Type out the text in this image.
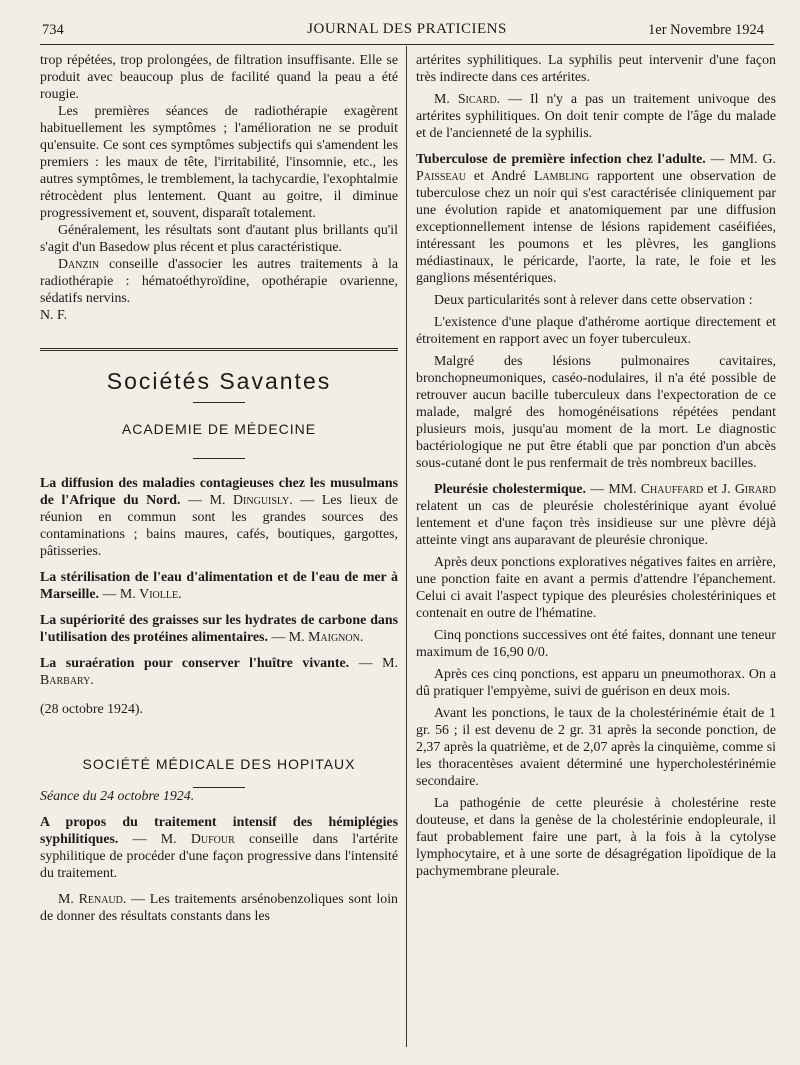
734	JOURNAL DES PRATICIENS	1er Novembre 1924

trop répétées, trop prolongées, de filtration insuffisante. Elle se produit avec beaucoup plus de facilité quand la peau a été rougie.

Les premières séances de radiothérapie exagèrent habituellement les symptômes ; l'amélioration ne se produit qu'ensuite. Ce sont ces symptômes subjectifs qui s'amendent les premiers : les maux de tête, l'irritabilité, l'insomnie, etc., les autres symptômes, le tremblement, la tachycardie, l'exophtalmie rétrocèdent plus lentement. Quant au goitre, il diminue progressivement et, souvent, disparaît totalement.

Généralement, les résultats sont d'autant plus brillants qu'il s'agit d'un Basedow plus récent et plus caractéristique.

Danzin conseille d'associer les autres traitements à la radiothérapie : hématoéthyroïdine, opothérapie ovarienne, sédatifs nervins.

N. F.

Sociétés Savantes
ACADEMIE DE MÉDECINE

La diffusion des maladies contagieuses chez les musulmans de l'Afrique du Nord. — M. Dinguisly. — Les lieux de réunion en commun sont les grandes sources des contaminations ; bains maures, cafés, boutiques, gargottes, pâtisseries.

La stérilisation de l'eau d'alimentation et de l'eau de mer à Marseille. — M. Violle.

La supériorité des graisses sur les hydrates de carbone dans l'utilisation des protéines alimentaires. — M. Maignon.

La suraération pour conserver l'huître vivante. — M. Barbary.

(28 octobre 1924).

SOCIÉTÉ MÉDICALE DES HOPITAUX

Séance du 24 octobre 1924.

A propos du traitement intensif des hémiplégies syphilitiques. — M. Dufour conseille dans l'artérite syphilitique de procéder d'une façon progressive dans l'intensité du traitement.

M. Renaud. — Les traitements arsénobenzoliques sont loin de donner des résultats constants dans les

artérites syphilitiques. La syphilis peut intervenir d'une façon très indirecte dans ces artérites.

M. Sicard. — Il n'y a pas un traitement univoque des artérites syphilitiques. On doit tenir compte de l'âge du malade et de l'ancienneté de la syphilis.

Tuberculose de première infection chez l'adulte. — MM. G. Paisseau et André Lambling rapportent une observation de tuberculose chez un noir qui s'est caractérisée cliniquement par une évolution rapide et anatomiquement par une diffusion exceptionnellement intense de lésions rapidement caséifiées, intéressant les poumons et les plèvres, les ganglions médiastinaux, le péricarde, l'aorte, la rate, le foie et les ganglions mésentériques.

Deux particularités sont à relever dans cette observation :

L'existence d'une plaque d'athérome aortique directement et étroitement en rapport avec un foyer tuberculeux.

Malgré des lésions pulmonaires cavitaires, bronchopneumoniques, caséo-nodulaires, il n'a été possible de retrouver aucun bacille tuberculeux dans l'expectoration de ce malade, malgré des homogénéisations répétées pendant plusieurs mois, jusqu'au moment de la mort. Le diagnostic bactériologique ne put être établi que par ponction d'un abcès sous-cutané dont le pus renfermait de très nombreux bacilles.

Pleurésie cholestermique. — MM. Chauffard et J. Girard relatent un cas de pleurésie cholestérinique ayant évolué lentement et d'une façon très insidieuse sur une plèvre déjà atteinte vingt ans auparavant de pleurésie chronique.

Après deux ponctions exploratives négatives faites en arrière, une ponction faite en avant a permis d'attendre l'épanchement. Celui ci avait l'aspect typique des pleurésies cholestériniques et contenait en outre de l'hématine.

Cinq ponctions successives ont été faites, donnant une teneur maximum de 16,90 0/0.

Après ces cinq ponctions, est apparu un pneumothorax. On a dû pratiquer l'empyème, suivi de guérison en deux mois.

Avant les ponctions, le taux de la cholestérinémie était de 1 gr. 56 ; il est devenu de 2 gr. 31 après la seconde ponction, de 2,37 après la quatrième, et de 2,07 après la cinquième, comme si les thoracentèses avaient déterminé une hypercholestérinémie secondaire.

La pathogénie de cette pleurésie à cholestérine reste douteuse, et dans la genèse de la cholestérinie endopleurale, il faut probablement faire une part, à la fois à la cytolyse lymphocytaire, et à une sorte de désagrégation lipoïdique de la pachymembrane pleurale.
